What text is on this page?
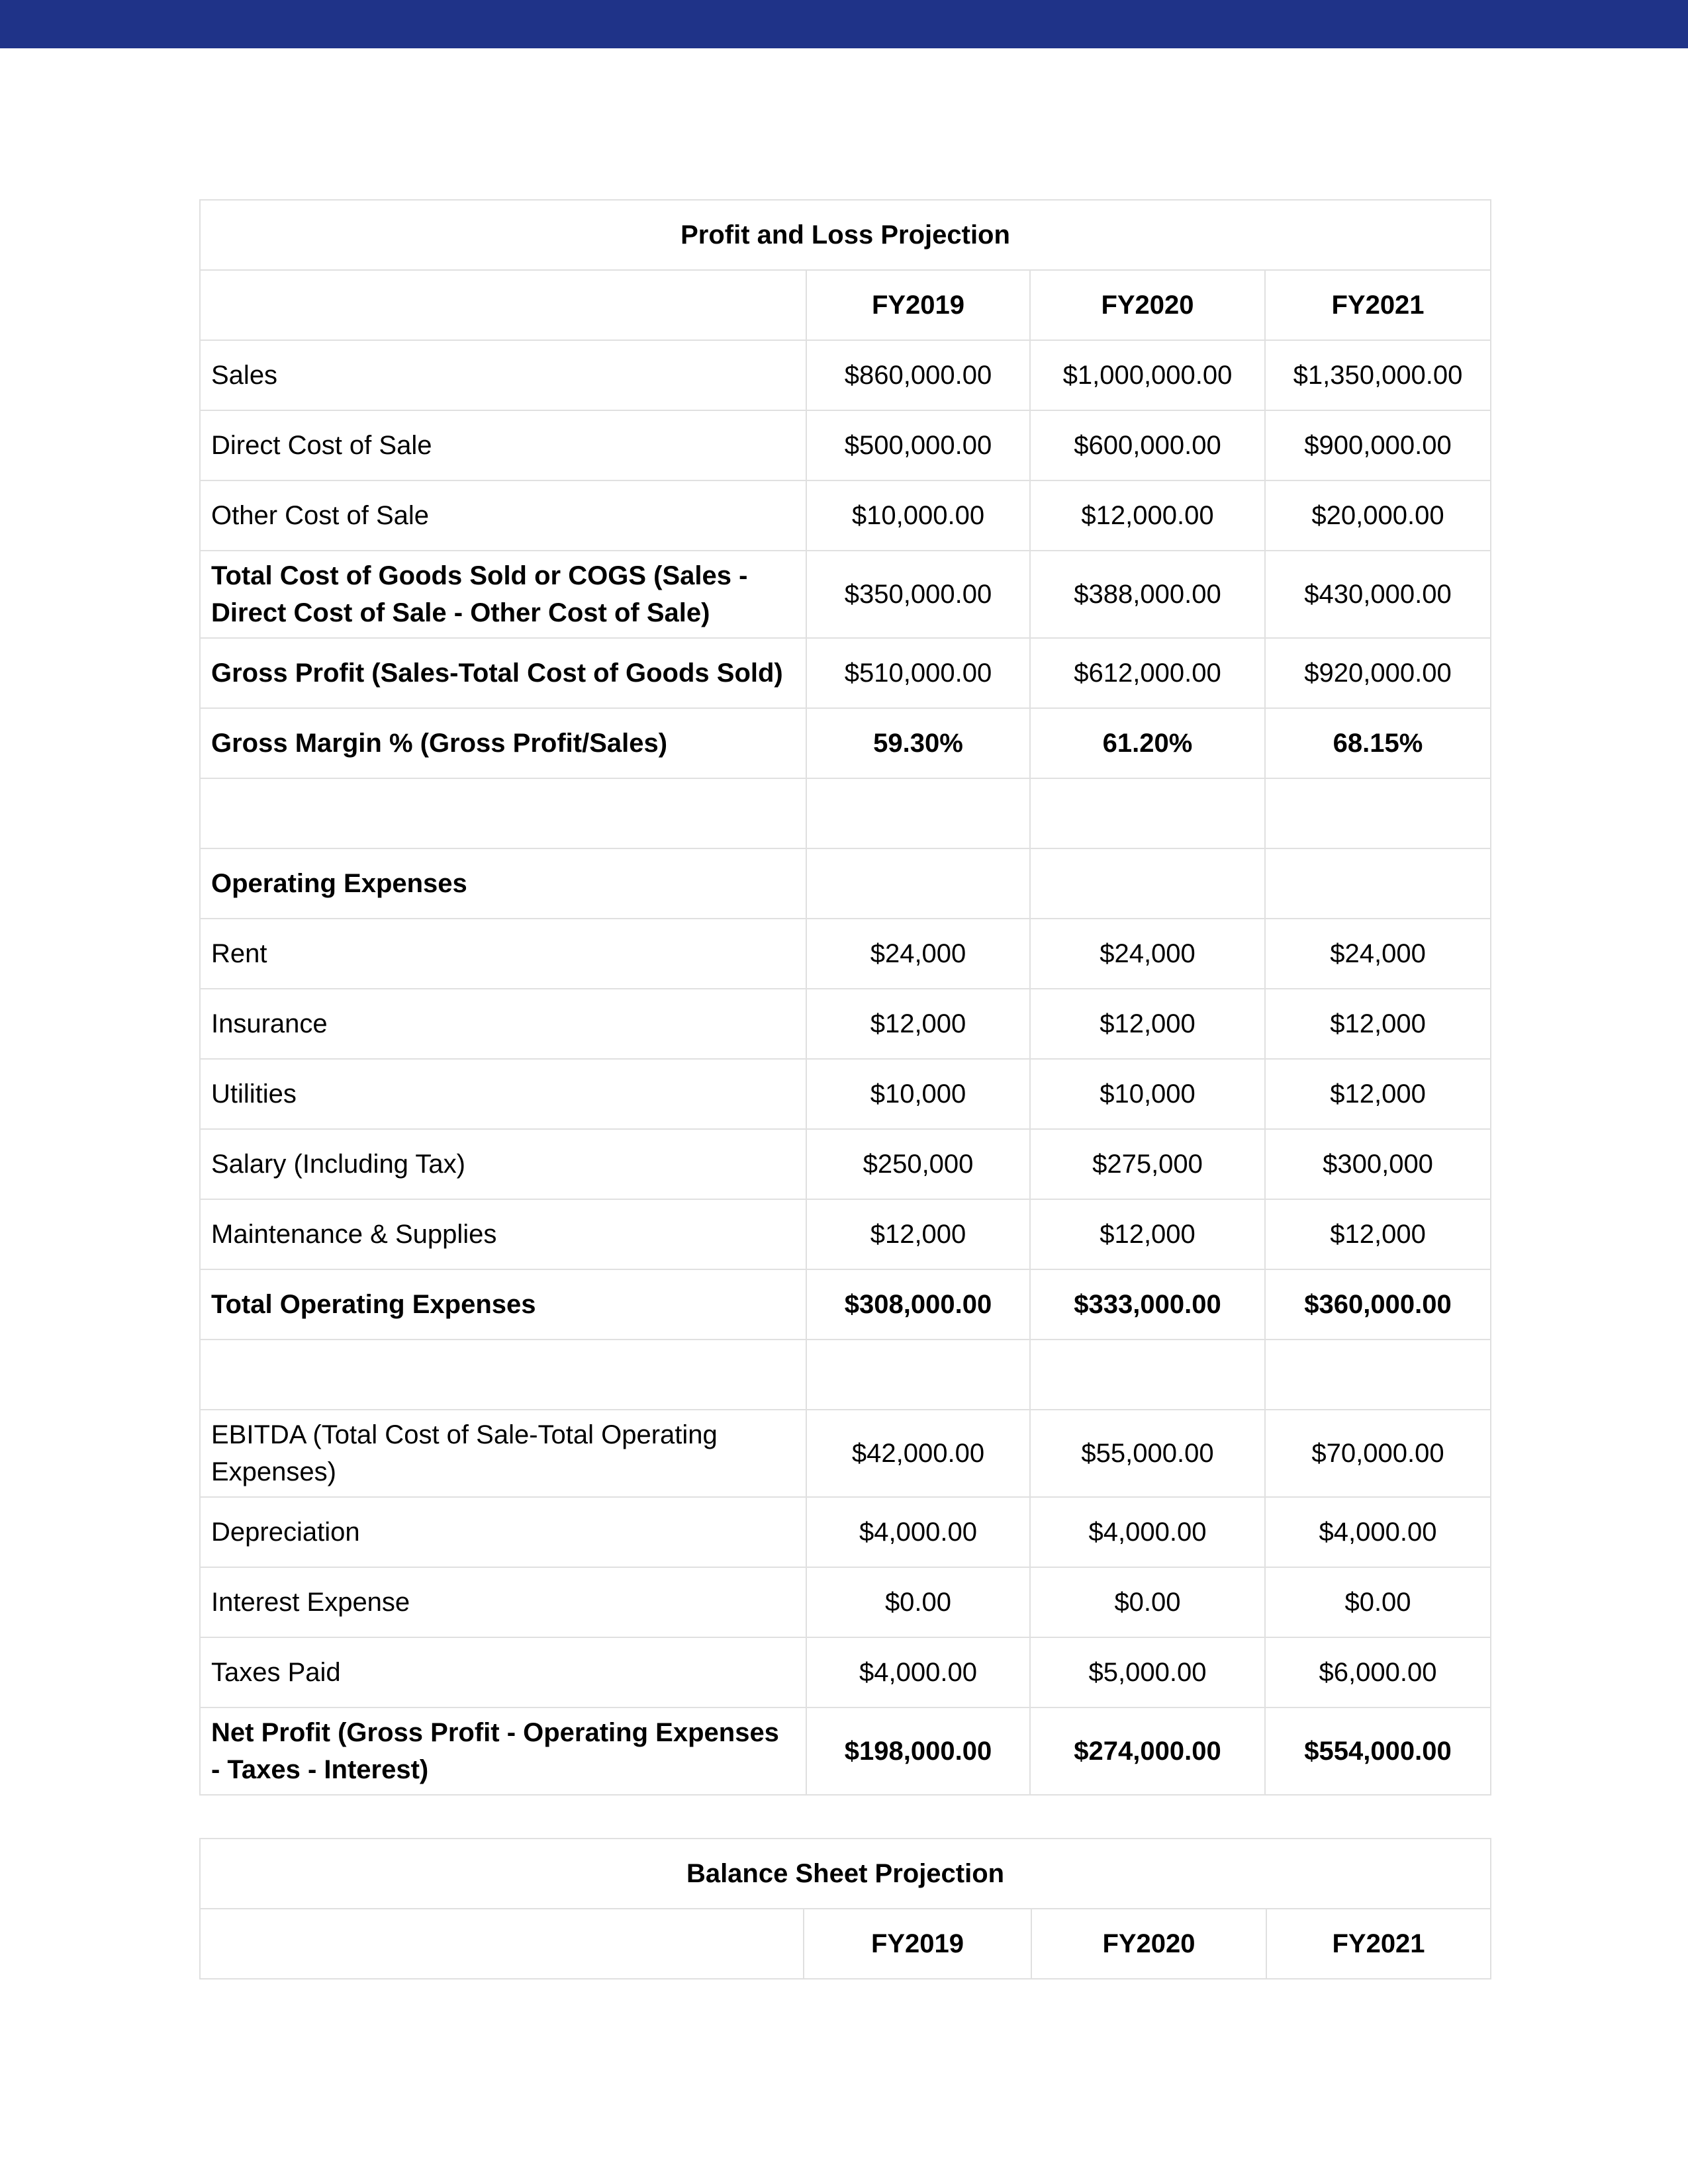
Profit and Loss Projection			
	FY2019	FY2020	FY2021
Sales	$860,000.00	$1,000,000.00	$1,350,000.00
Direct Cost of Sale	$500,000.00	$600,000.00	$900,000.00
Other Cost of Sale	$10,000.00	$12,000.00	$20,000.00
Total Cost of Goods Sold or COGS (Sales - Direct Cost of Sale - Other Cost of Sale)	$350,000.00	$388,000.00	$430,000.00
Gross Profit (Sales-Total Cost of Goods Sold)	$510,000.00	$612,000.00	$920,000.00
Gross Margin % (Gross Profit/Sales)	59.30%	61.20%	68.15%

Operating Expenses			
Rent	$24,000	$24,000	$24,000
Insurance	$12,000	$12,000	$12,000
Utilities	$10,000	$10,000	$12,000
Salary (Including Tax)	$250,000	$275,000	$300,000
Maintenance & Supplies	$12,000	$12,000	$12,000
Total Operating Expenses	$308,000.00	$333,000.00	$360,000.00

EBITDA (Total Cost of Sale-Total Operating Expenses)	$42,000.00	$55,000.00	$70,000.00
Depreciation	$4,000.00	$4,000.00	$4,000.00
Interest Expense	$0.00	$0.00	$0.00
Taxes Paid	$4,000.00	$5,000.00	$6,000.00
Net Profit (Gross Profit - Operating Expenses - Taxes - Interest)	$198,000.00	$274,000.00	$554,000.00
Balance Sheet Projection
	FY2019	FY2020	FY2021
